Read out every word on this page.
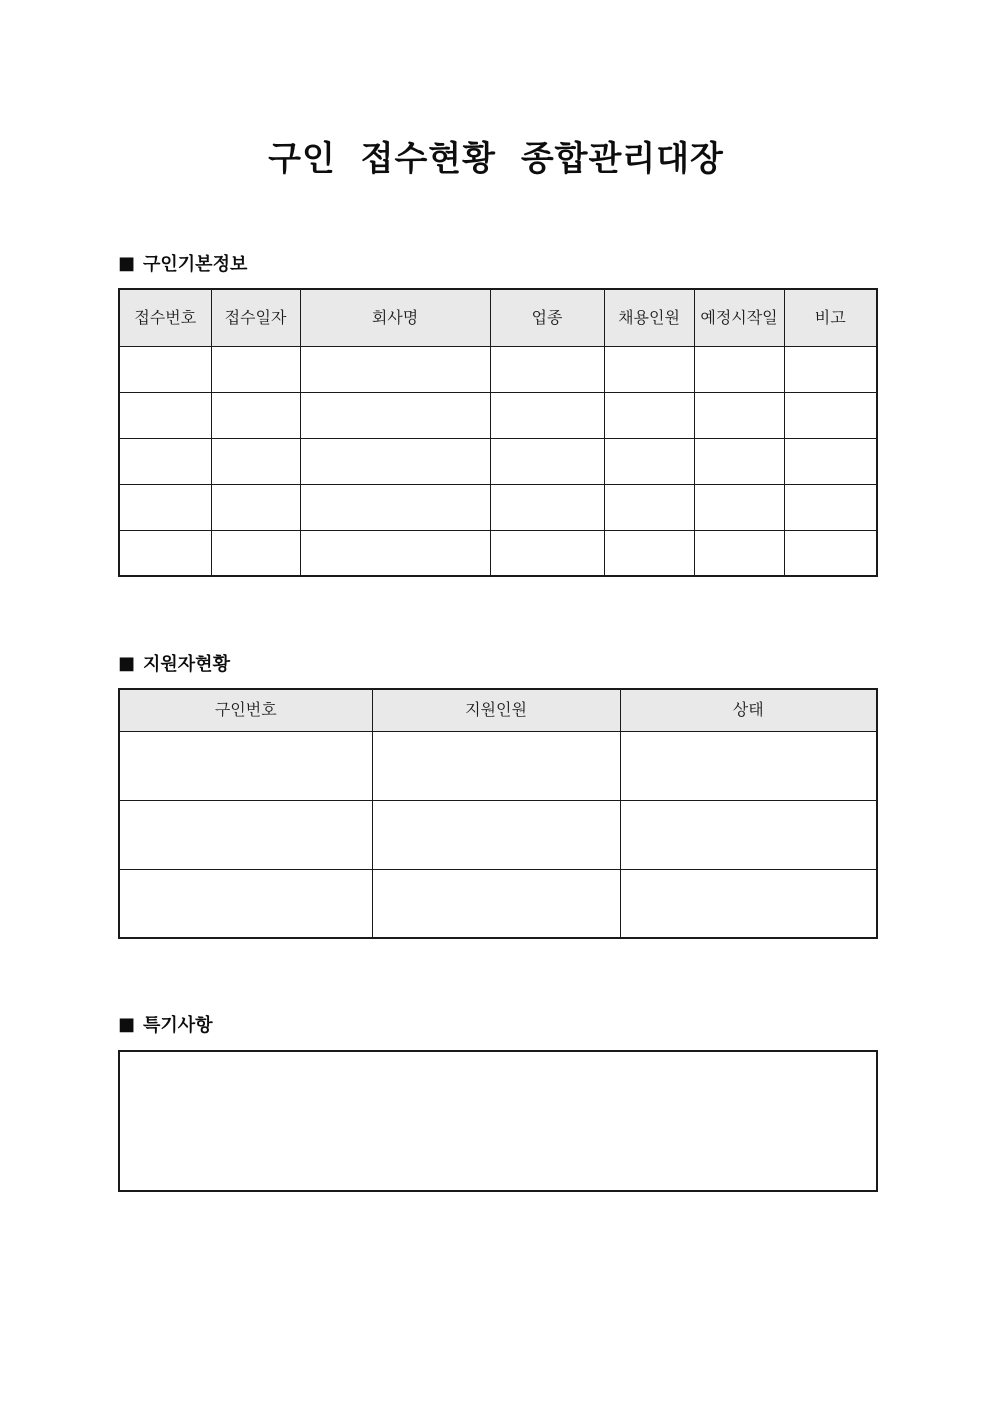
구인 접수현황 종합관리대장
■ 구인기본정보
접수번호	접수일자	회사명	업종	채용인원	예정시작일	비고

■ 지원자현황
구인번호	지원인원	상태

■ 특기사항
